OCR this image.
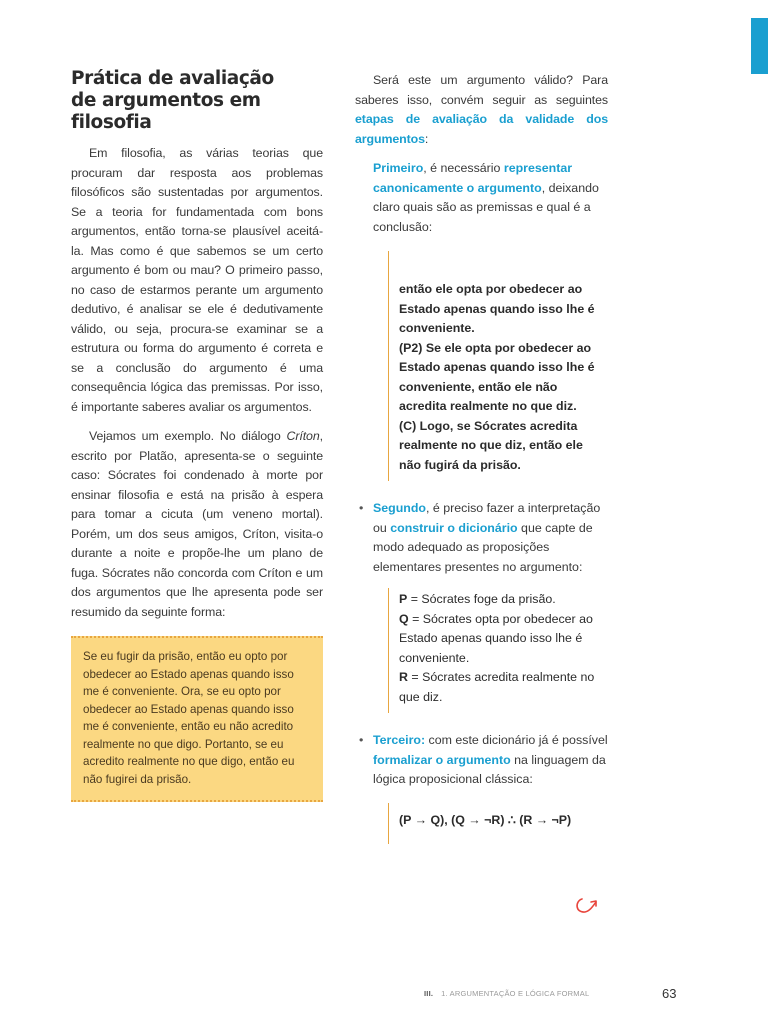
Prática de avaliação
de argumentos em filosofia

Em filosofia, as várias teorias que procuram dar resposta aos problemas filosóficos são sustentadas por argumentos. Se a teoria for fundamentada com bons argumentos, então torna-se plausível aceitá-la. Mas como é que sabemos se um certo argumento é bom ou mau? O primeiro passo, no caso de estarmos perante um argumento dedutivo, é analisar se ele é dedutivamente válido, ou seja, procura-se examinar se a estrutura ou forma do argumento é correta e se a conclusão do argumento é uma consequência lógica das premissas. Por isso, é importante saberes avaliar os argumentos.

Vejamos um exemplo. No diálogo Críton, escrito por Platão, apresenta-se o seguinte caso: Sócrates foi condenado à morte por ensinar filosofia e está na prisão à espera para tomar a cicuta (um veneno mortal). Porém, um dos seus amigos, Críton, visita-o durante a noite e propõe-lhe um plano de fuga. Sócrates não concorda com Críton e um dos argumentos que lhe apresenta pode ser resumido da seguinte forma:

Se eu fugir da prisão, então eu opto por obedecer ao Estado apenas quando isso me é conveniente. Ora, se eu opto por obedecer ao Estado apenas quando isso me é conveniente, então eu não acredito realmente no que digo. Portanto, se eu acredito realmente no que digo, então eu não fugirei da prisão.

Será este um argumento válido? Para saberes isso, convém seguir as seguintes etapas de avaliação da validade dos argumentos:

Primeiro, é necessário representar canonicamente o argumento, deixando claro quais são as premissas e qual é a conclusão:
então ele opta por obedecer ao Estado apenas quando isso lhe é conveniente.
(P2) Se ele opta por obedecer ao Estado apenas quando isso lhe é conveniente, então ele não acredita realmente no que diz.
(C) Logo, se Sócrates acredita realmente no que diz, então ele não fugirá da prisão.
• Segundo, é preciso fazer a interpretação ou construir o dicionário que capte de modo adequado as proposições elementares presentes no argumento:
P = Sócrates foge da prisão.
Q = Sócrates opta por obedecer ao Estado apenas quando isso lhe é conveniente.
R = Sócrates acredita realmente no que diz.
• Terceiro: com este dicionário já é possível formalizar o argumento na linguagem da lógica proposicional clássica:
(P → Q), (Q → ¬R) ∴ (R → ¬P)
III. 1. ARGUMENTAÇÃO E LÓGICA FORMAL	63
